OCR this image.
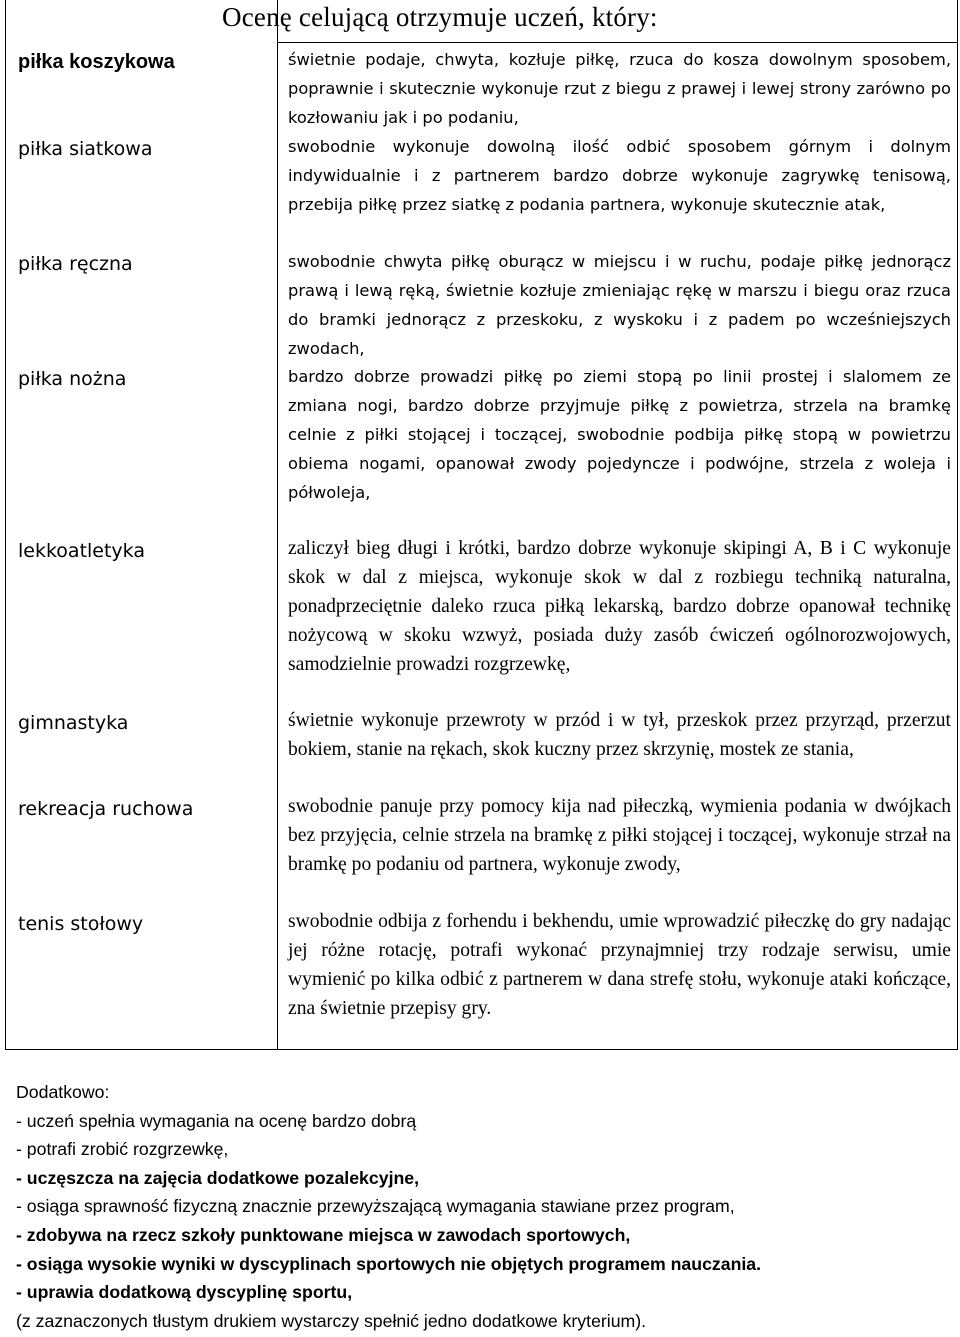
Ocenę celującą otrzymuje uczeń, który:
piłka koszykowa	świetnie podaje, chwyta, kozłuje piłkę, rzuca do kosza dowolnym sposobem, poprawnie i skutecznie wykonuje rzut z biegu z prawej i lewej strony zarówno po kozłowaniu jak i po podaniu,
piłka siatkowa	swobodnie wykonuje dowolną ilość odbić sposobem górnym i dolnym indywidualnie i z partnerem bardzo dobrze wykonuje zagrywkę tenisową, przebija piłkę przez siatkę z podania partnera, wykonuje skutecznie atak,
piłka ręczna	swobodnie chwyta piłkę oburącz w miejscu i w ruchu, podaje piłkę jednorącz prawą i lewą ręką, świetnie kozłuje zmieniając rękę w marszu i biegu oraz rzuca do bramki jednorącz z przeskoku, z wyskoku i z padem po wcześniejszych zwodach,
piłka nożna	bardzo dobrze prowadzi piłkę po ziemi stopą po linii prostej i slalomem ze zmiana nogi, bardzo dobrze przyjmuje piłkę z powietrza, strzela na bramkę celnie z piłki stojącej i toczącej, swobodnie podbija piłkę stopą w powietrzu obiema nogami, opanował zwody pojedyncze i podwójne, strzela z woleja i półwoleja,
lekkoatletyka	zaliczył bieg długi i krótki, bardzo dobrze wykonuje skipingi A, B i C wykonuje skok w dal z miejsca, wykonuje skok w dal z rozbiegu techniką naturalna, ponadprzeciętnie daleko rzuca piłką lekarską, bardzo dobrze opanował technikę nożycową w skoku wzwyż, posiada duży zasób ćwiczeń ogólnorozwojowych, samodzielnie prowadzi rozgrzewkę,
gimnastyka	świetnie wykonuje przewroty w przód i w tył, przeskok przez przyrząd, przerzut bokiem, stanie na rękach, skok kuczny przez skrzynię, mostek ze stania,
rekreacja ruchowa	swobodnie panuje przy pomocy kija nad piłeczką, wymienia podania w dwójkach bez przyjęcia, celnie strzela na bramkę z piłki stojącej i toczącej, wykonuje strzał na bramkę po podaniu od partnera, wykonuje zwody,
tenis stołowy	swobodnie odbija z forhendu i bekhendu, umie wprowadzić piłeczkę do gry nadając jej różne rotację, potrafi wykonać przynajmniej trzy rodzaje serwisu, umie wymienić po kilka odbić z partnerem w dana strefę stołu, wykonuje ataki kończące, zna świetnie przepisy gry.
Dodatkowo:
- uczeń spełnia wymagania na ocenę bardzo dobrą
- potrafi zrobić rozgrzewkę,
- uczęszcza na zajęcia dodatkowe pozalekcyjne,
- osiąga sprawność fizyczną znacznie przewyższającą wymagania stawiane przez program,
- zdobywa na rzecz szkoły punktowane miejsca w zawodach sportowych,
- osiąga wysokie wyniki w dyscyplinach sportowych nie objętych programem nauczania.
- uprawia dodatkową dyscyplinę sportu,
(z zaznaczonych tłustym drukiem wystarczy spełnić jedno dodatkowe kryterium).
